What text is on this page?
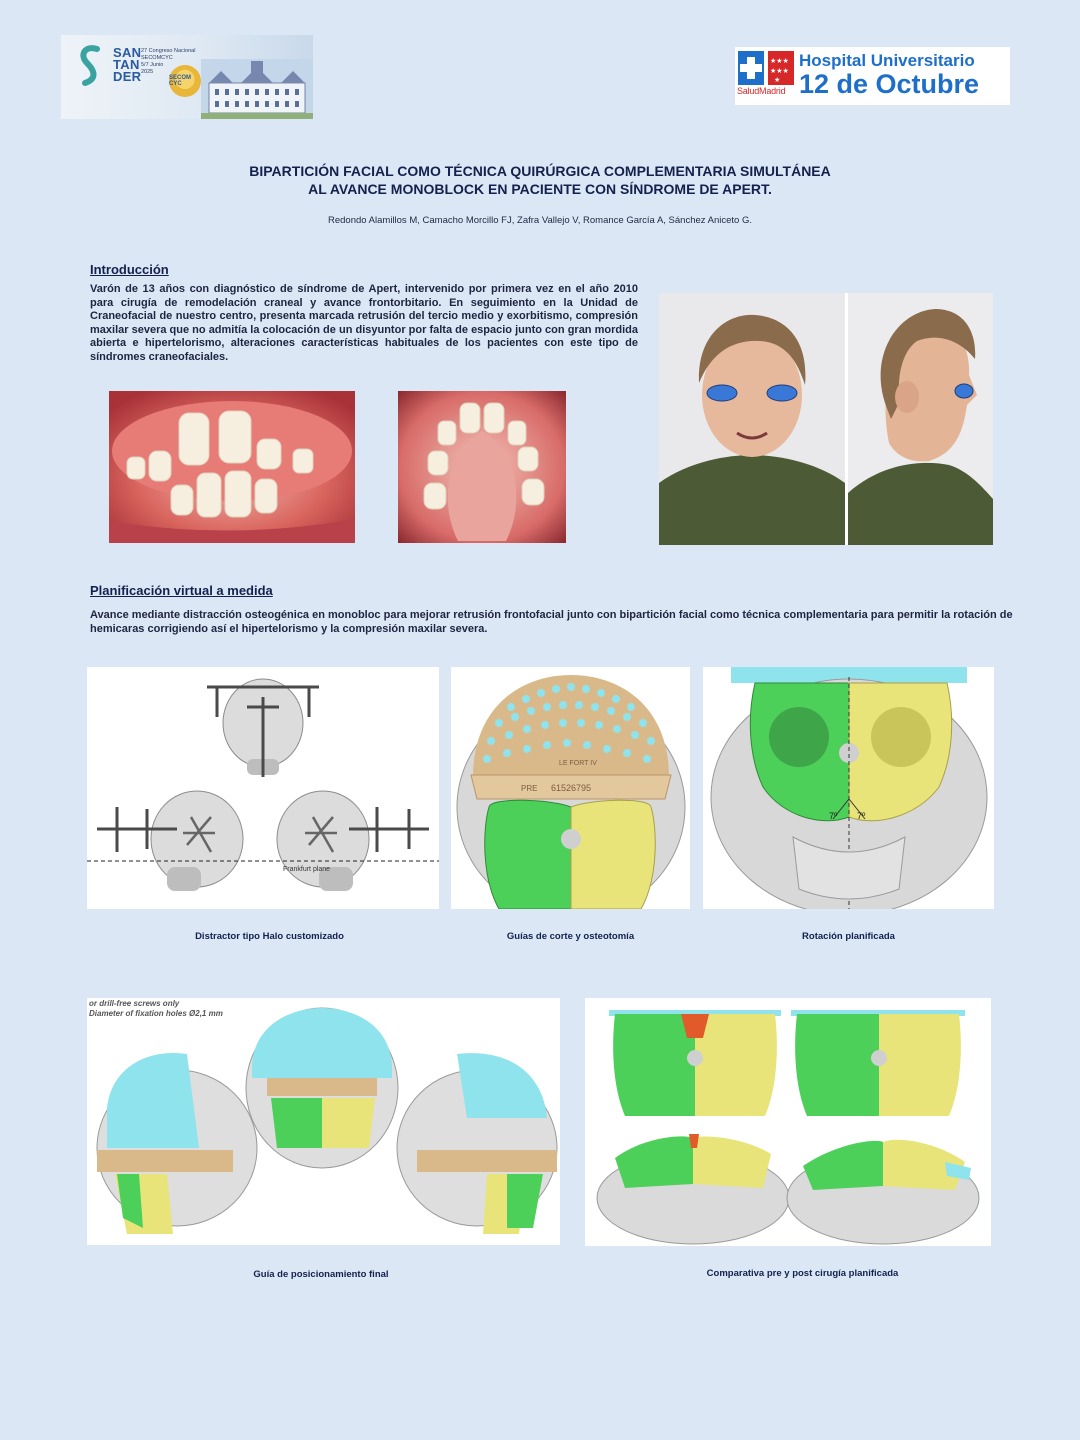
SAN
TAN
DER
27 Congreso Nacional
SECOMCYC
5/7 Junio
2025
SECOM CYC
★★★
★★★
★
SaludMadrid
Hospital Universitario
12 de Octubre
BIPARTICIÓN FACIAL COMO TÉCNICA QUIRÚRGICA COMPLEMENTARIA SIMULTÁNEA
AL AVANCE MONOBLOCK EN PACIENTE CON SÍNDROME DE APERT.
Redondo Alamillos M, Camacho Morcillo FJ, Zafra Vallejo V, Romance García A, Sánchez Aniceto G.
Introducción
Varón de 13 años con diagnóstico de síndrome de Apert, intervenido por primera vez en el año 2010 para cirugía de remodelación craneal y avance frontorbitario. En seguimiento en la Unidad de Craneofacial de nuestro centro, presenta marcada retrusión del tercio medio y exorbitismo, compresión maxilar severa que no admitía la colocación de un disyuntor por falta de espacio junto con gran mordida abierta e hipertelorismo, alteraciones características habituales de los pacientes con este tipo de síndromes craneofaciales.
Planificación virtual a medida
Avance mediante distracción osteogénica en monobloc para mejorar retrusión frontofacial junto con bipartición facial como técnica complementaria para permitir la rotación de hemicaras corrigiendo así el hipertelorismo y la compresión maxilar severa.
Frankfurt plane
LE FORT IV
PRE 61526795
7º 7º
Distractor tipo Halo customizado	Guías de corte y osteotomía	Rotación planificada
or drill-free screws only
Diameter of fixation holes Ø2,1 mm
Guía de posicionamiento final	Comparativa pre y post cirugía planificada
